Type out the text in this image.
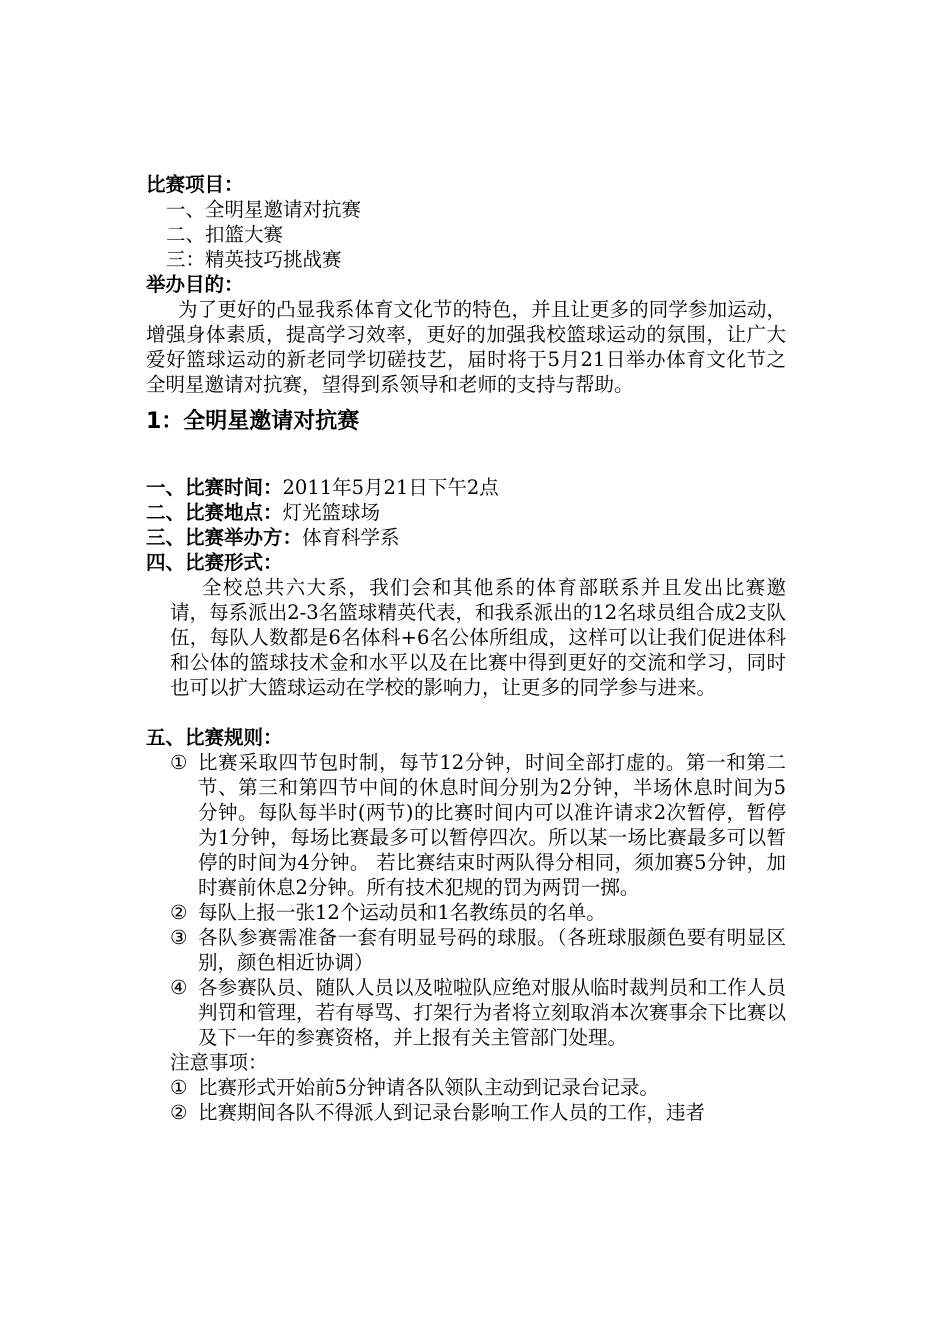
比赛项目：
一、全明星邀请对抗赛
二、扣篮大赛
三：精英技巧挑战赛
举办目的：
为了更好的凸显我系体育文化节的特色，并且让更多的同学参加运动，增强身体素质，提高学习效率，更好的加强我校篮球运动的氛围，让广大爱好篮球运动的新老同学切磋技艺，届时将于5月21日举办体育文化节之全明星邀请对抗赛，望得到系领导和老师的支持与帮助。
1：全明星邀请对抗赛
一、比赛时间：2011年5月21日下午2点
二、比赛地点：灯光篮球场
三、比赛举办方：体育科学系
四、比赛形式：
全校总共六大系，我们会和其他系的体育部联系并且发出比赛邀请，每系派出2-3名篮球精英代表，和我系派出的12名球员组合成2支队伍，每队人数都是6名体科+6名公体所组成，这样可以让我们促进体科和公体的篮球技术金和水平以及在比赛中得到更好的交流和学习，同时也可以扩大篮球运动在学校的影响力，让更多的同学参与进来。
五、比赛规则：
① 比赛采取四节包时制，每节12分钟，时间全部打虚的。第一和第二节、第三和第四节中间的休息时间分别为2分钟，半场休息时间为5分钟。每队每半时(两节)的比赛时间内可以准许请求2次暂停，暂停为1分钟，每场比赛最多可以暂停四次。所以某一场比赛最多可以暂停的时间为4分钟。 若比赛结束时两队得分相同，须加赛5分钟，加时赛前休息2分钟。所有技术犯规的罚为两罚一掷。
② 每队上报一张12个运动员和1名教练员的名单。
③ 各队参赛需准备一套有明显号码的球服。（各班球服颜色要有明显区别，颜色相近协调）
④ 各参赛队员、随队人员以及啦啦队应绝对服从临时裁判员和工作人员判罚和管理，若有辱骂、打架行为者将立刻取消本次赛事余下比赛以及下一年的参赛资格，并上报有关主管部门处理。
注意事项：
① 比赛形式开始前5分钟请各队领队主动到记录台记录。
② 比赛期间各队不得派人到记录台影响工作人员的工作，违者
